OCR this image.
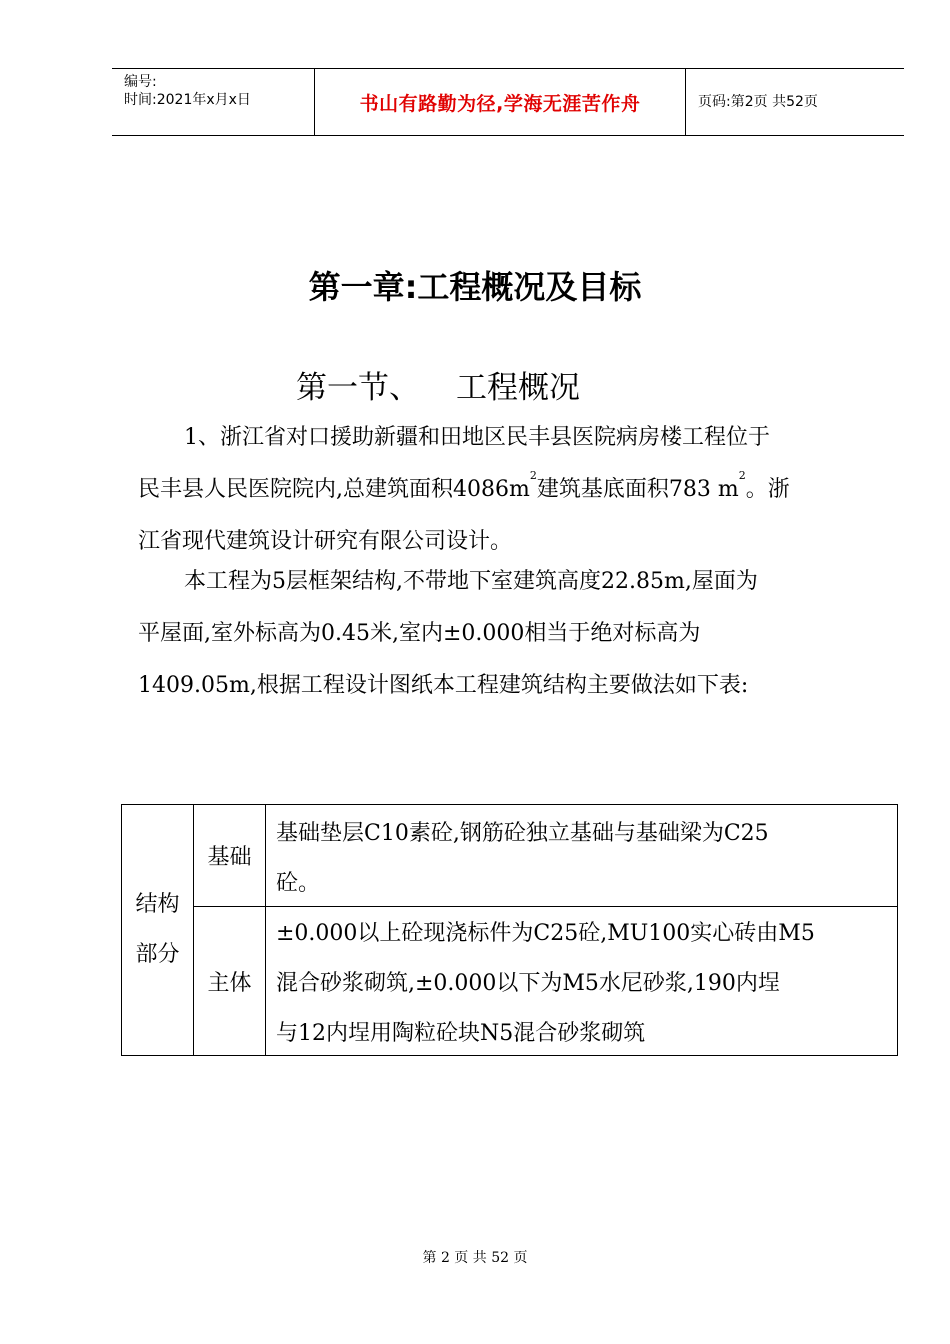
编号:
时间:2021年x月x日	书山有路勤为径,学海无涯苦作舟	页码:第2页 共52页
第一章:工程概况及目标
第一节、 工程概况
1、浙江省对口援助新疆和田地区民丰县医院病房楼工程位于
民丰县人民医院院内,总建筑面积$4086m^2$建筑基底面积783 $m^2$。浙
江省现代建筑设计研究有限公司设计。
本工程为5层框架结构,不带地下室建筑高度22.85m,屋面为
平屋面,室外标高为0.45米,室内±0.000相当于绝对标高为
1409.05m,根据工程设计图纸本工程建筑结构主要做法如下表:
结构
部分
基础
基础垫层C10素砼,钢筋砼独立基础与基础梁为C25
砼。
主体
±0.000以上砼现浇标件为C25砼,MU100实心砖由M5
混合砂浆砌筑,±0.000以下为M5水尼砂浆,190内埕
与12内埕用陶粒砼块N5混合砂浆砌筑
第 2 页 共 52 页
